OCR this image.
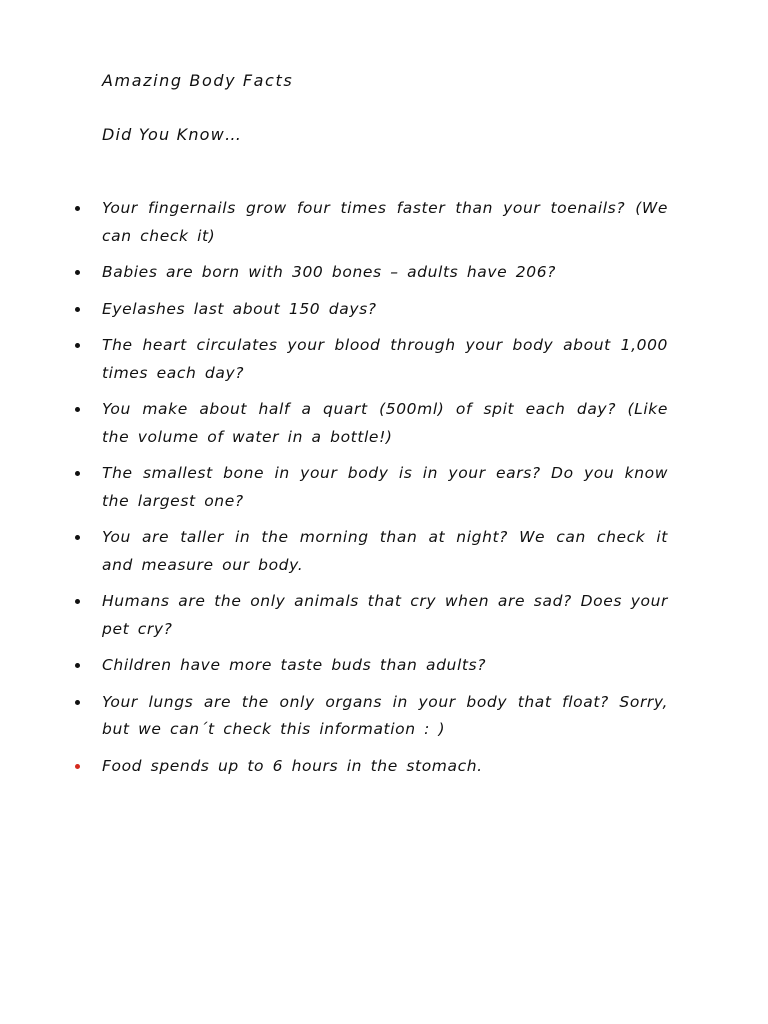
Amazing Body Facts
Did You Know…
Your fingernails grow four times faster than your toenails? (We can check it)
Babies are born with 300 bones – adults have 206?
Eyelashes last about 150 days?
The heart circulates your blood through your body about 1,000 times each day?
You make about half a quart (500ml) of spit each day? (Like the volume of water in a bottle!)
The smallest bone in your body is in your ears? Do you know the largest one?
You are taller in the morning than at night? We can check it and measure our body.
Humans are the only animals that cry when are sad? Does your pet cry?
Children have more taste buds than adults?
Your lungs are the only organs in your body that float? Sorry, but we can´t check this information : )
Food spends up to 6 hours in the stomach.
